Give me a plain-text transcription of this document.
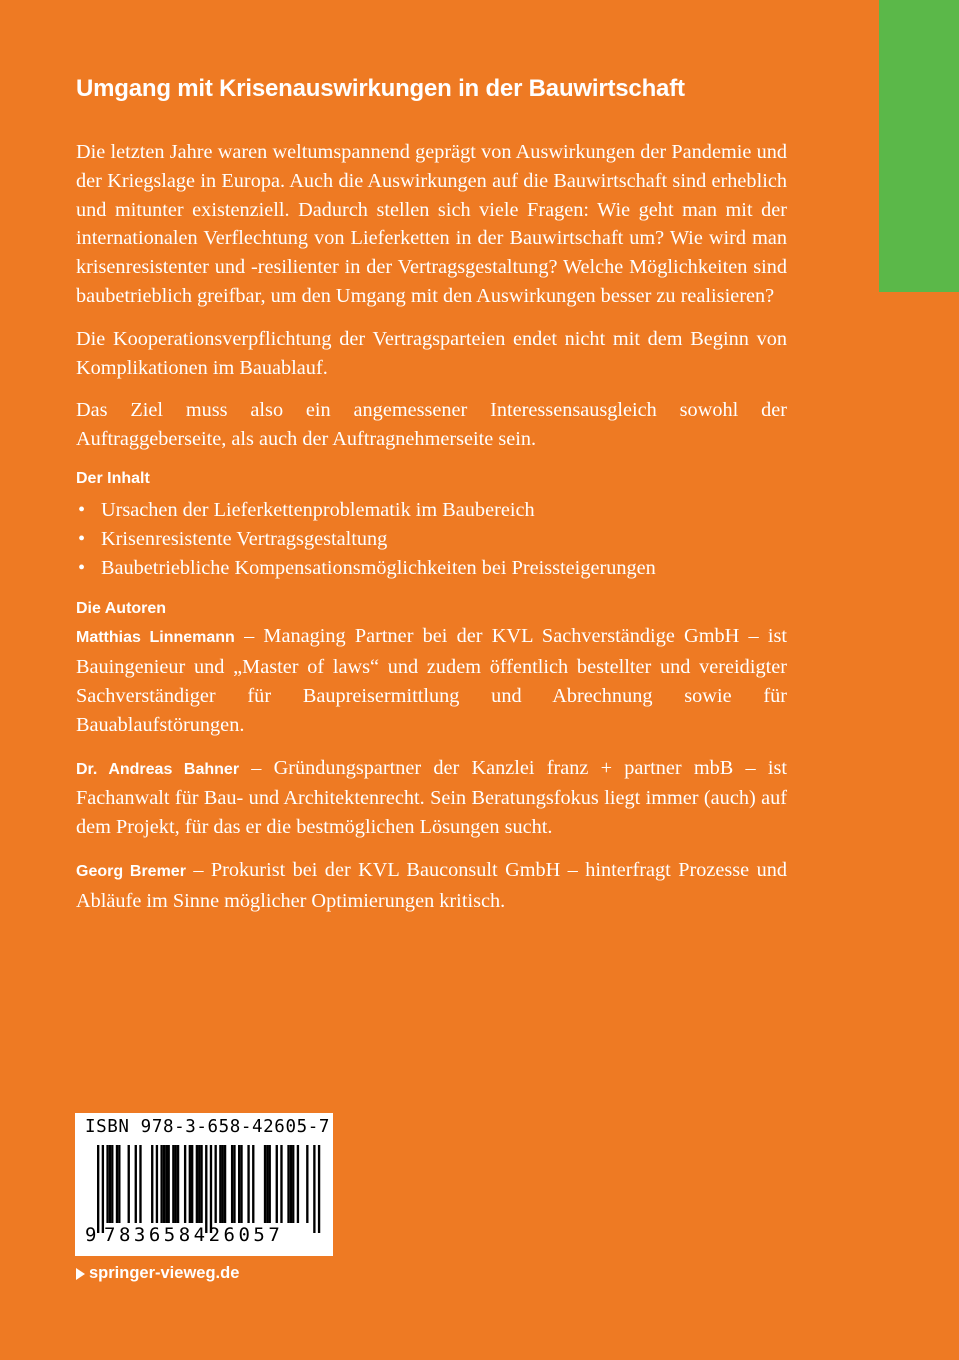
Umgang mit Krisenauswirkungen in der Bauwirtschaft

Die letzten Jahre waren weltumspannend geprägt von Auswirkungen der Pandemie und der Kriegslage in Europa. Auch die Auswirkungen auf die Bauwirtschaft sind erheblich und mitunter existenziell. Dadurch stellen sich viele Fragen: Wie geht man mit der internationalen Verflechtung von Lieferketten in der Bauwirtschaft um? Wie wird man krisenresistenter und -resilienter in der Vertragsgestaltung? Welche Möglichkeiten sind baubetrieblich greifbar, um den Umgang mit den Auswirkungen besser zu realisieren?

Die Kooperationsverpflichtung der Vertragsparteien endet nicht mit dem Beginn von Komplikationen im Bauablauf.

Das Ziel muss also ein angemessener Interessensausgleich sowohl der Auftraggeberseite, als auch der Auftragnehmerseite sein.

Der Inhalt
• Ursachen der Lieferkettenproblematik im Baubereich
• Krisenresistente Vertragsgestaltung
• Baubetriebliche Kompensationsmöglichkeiten bei Preissteigerungen
Die Autoren

Matthias Linnemann – Managing Partner bei der KVL Sachverständige GmbH – ist Bauingenieur und „Master of laws“ und zudem öffentlich bestellter und vereidigter Sachverständiger für Baupreisermittlung und Abrechnung sowie für Bauablaufstörungen.

Dr. Andreas Bahner – Gründungspartner der Kanzlei franz + partner mbB – ist Fachanwalt für Bau- und Architektenrecht. Sein Beratungsfokus liegt immer (auch) auf dem Projekt, für das er die bestmöglichen Lösungen sucht.

Georg Bremer – Prokurist bei der KVL Bauconsult GmbH – hinterfragt Prozesse und Abläufe im Sinne möglicher Optimierungen kritisch.

ISBN 978-3-658-42605-7
9 783658426057
springer-vieweg.de
